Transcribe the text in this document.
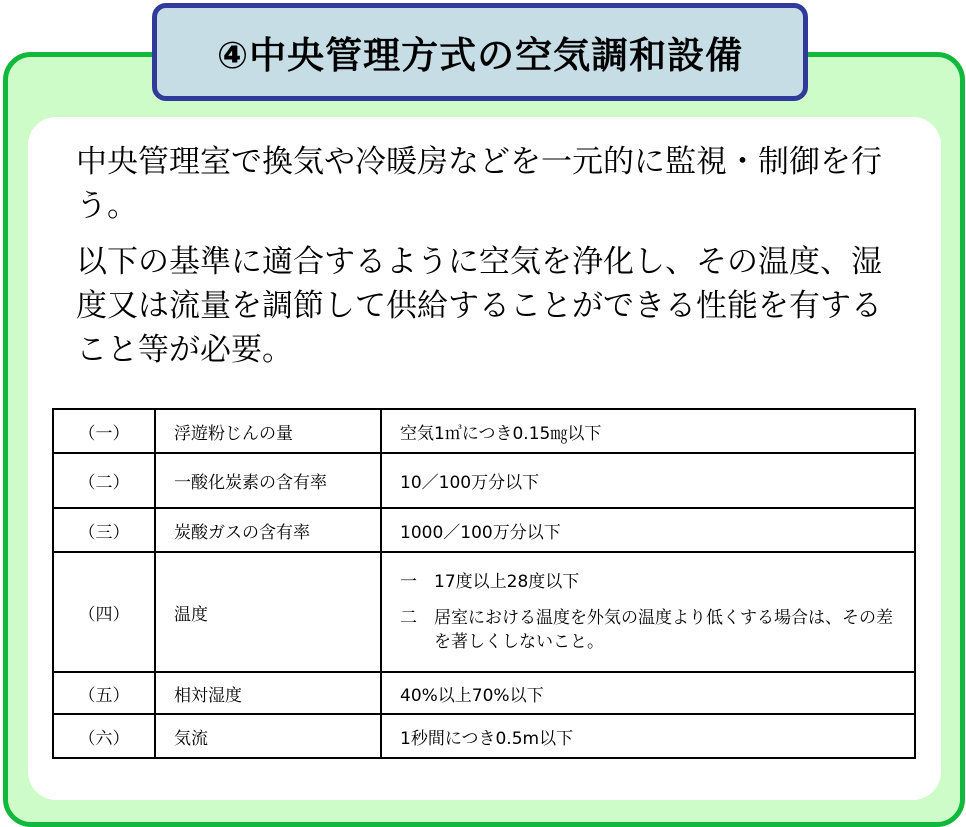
④中央管理方式の空気調和設備
中央管理室で換気や冷暖房などを一元的に監視・制御を行う。
以下の基準に適合するように空気を浄化し、その温度、湿度又は流量を調節して供給することができる性能を有すること等が必要。
（一）	浮遊粉じんの量	空気1㎥につき0.15㎎以下
（二）	一酸化炭素の含有率	10／100万分以下
（三）	炭酸ガスの含有率	1000／100万分以下
（四）	温度	一 17度以上28度以下
二 居室における温度を外気の温度より低くする場合は、その差を著しくしないこと。

（五）	相対湿度	40%以上70%以下
（六）	気流	1秒間につき0.5m以下
